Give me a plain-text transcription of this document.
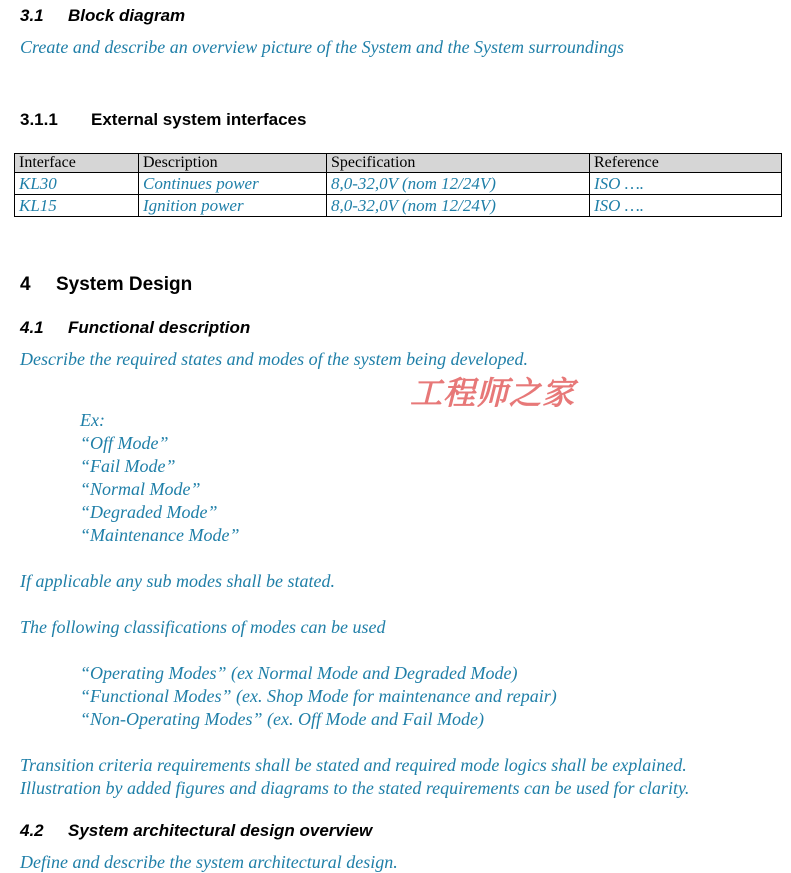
3.1 Block diagram
Create and describe an overview picture of the System and the System surroundings
3.1.1 External system interfaces
Interface	Description	Specification	Reference
KL30	Continues power	8,0-32,0V (nom 12/24V)	ISO ….
KL15	Ignition power	8,0-32,0V (nom 12/24V)	ISO ….
4 System Design
4.1 Functional description
Describe the required states and modes of the system being developed.
工程师之家
Ex:
“Off Mode”
“Fail Mode”
“Normal Mode”
“Degraded Mode”
“Maintenance Mode”
If applicable any sub modes shall be stated.
The following classifications of modes can be used
“Operating Modes” (ex Normal Mode and Degraded Mode)
“Functional Modes” (ex. Shop Mode for maintenance and repair)
“Non-Operating Modes” (ex. Off Mode and Fail Mode)
Transition criteria requirements shall be stated and required mode logics shall be explained.
Illustration by added figures and diagrams to the stated requirements can be used for clarity.
4.2 System architectural design overview
Define and describe the system architectural design.
